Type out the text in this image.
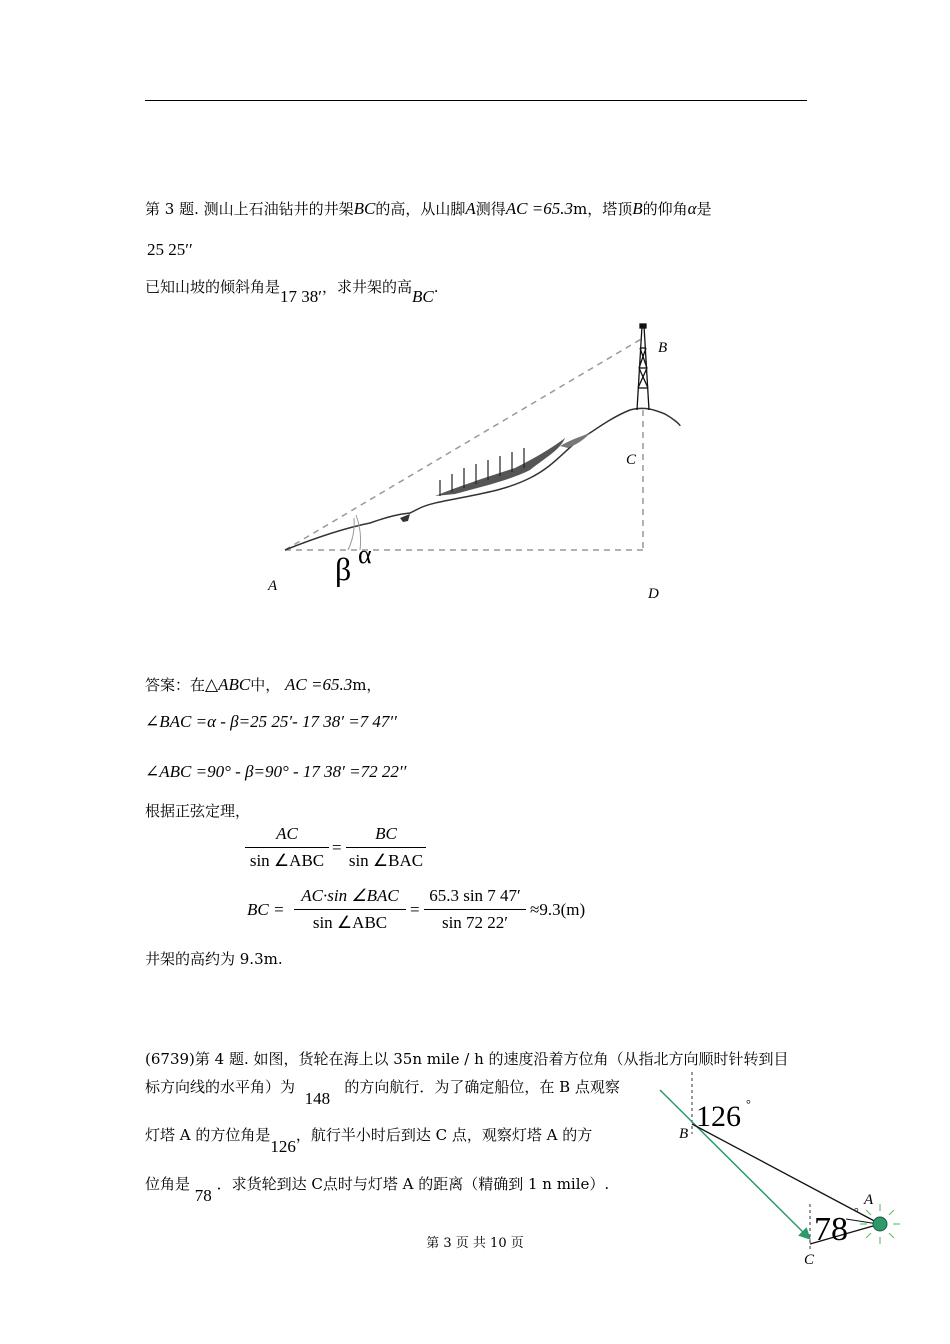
第 3 题. 测山上石油钻井的井架BC的高，从山脚A测得AC =65.3m，塔顶B的仰角α是
25 25′′
已知山坡的倾斜角是17 38′，求井架的高BC.
B
C
A	D
β α
答案：在△ABC中， AC =65.3m，
∠BAC =α - β=25 25′- 17 38′ =7 47′′
∠ABC =90° - β=90° - 17 38′ =72 22′′
根据正弦定理，
AC
sin ∠ABC
=
BC
sin ∠BAC
BC =
AC·sin ∠BAC
sin ∠ABC
=
65.3 sin 7 47′
sin 72 22′
≈9.3(m)
井架的高约为 9.3m.
(6739)第 4 题. 如图，货轮在海上以 35n mile / h 的速度沿着方位角（从指北方向顺时针转到目
标方向线的水平角）为  148   的方向航行．为了确定船位，在 B 点观察
灯塔 A 的方位角是126，航行半小时后到达 C 点，观察灯塔 A 的方
位角是 78 ．求货轮到达 C点时与灯塔 A 的距离（精确到 1 n mile）.
126 °
78 °
B
A
C
第 3 页 共 10 页
